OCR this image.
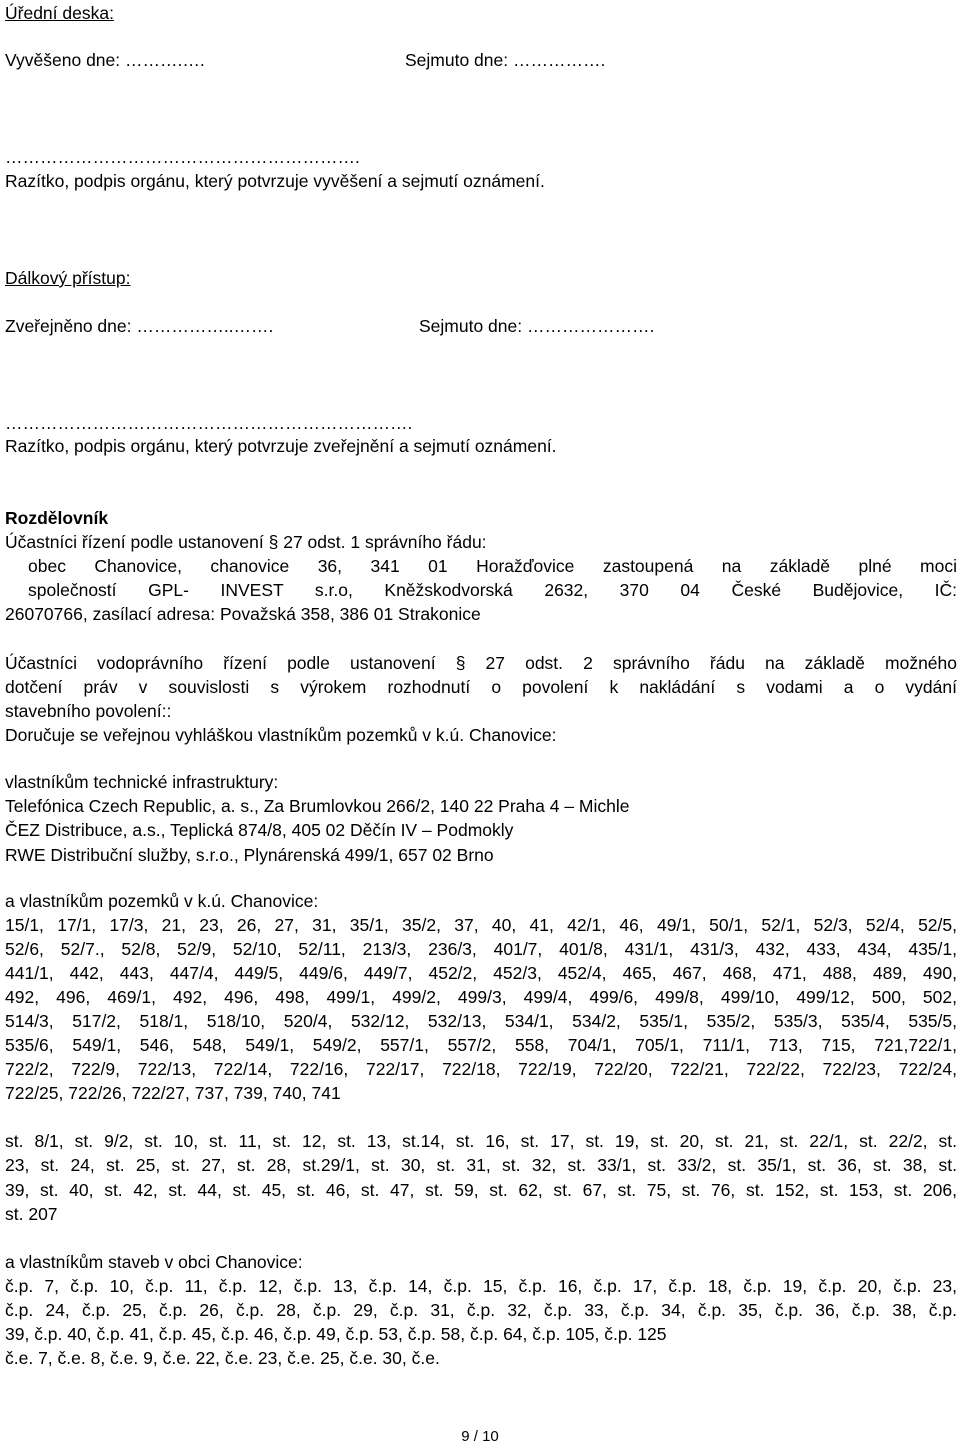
Úřední deska:
Vyvěšeno dne: ……….….	Sejmuto dne: …………….
…………………………………………………….
Razítko, podpis orgánu, který potvrzuje vyvěšení a sejmutí oznámení.
Dálkový přístup:
Zveřejněno dne: ……………..…….	Sejmuto dne: ………………….
…………………………………………………………….
Razítko, podpis orgánu, který potvrzuje zveřejnění a sejmutí oznámení.
Rozdělovník
Účastníci řízení podle ustanovení § 27 odst. 1 správního řádu:
obec Chanovice, chanovice 36, 341 01 Horažďovice zastoupená na základě plné moci
společností GPL- INVEST s.r.o, Kněžskodvorská 2632, 370 04 České Budějovice, IČ:
26070766, zasílací adresa: Považská 358, 386 01 Strakonice
Účastníci vodoprávního řízení podle ustanovení § 27 odst. 2 správního řádu na základě možného
dotčení práv v souvislosti s výrokem rozhodnutí o povolení k nakládání s vodami a o vydání
stavebního povolení::
Doručuje se veřejnou vyhláškou vlastníkům pozemků v k.ú. Chanovice:
vlastníkům technické infrastruktury:
Telefónica Czech Republic, a. s., Za Brumlovkou 266/2, 140 22 Praha 4 – Michle
ČEZ Distribuce, a.s., Teplická 874/8, 405 02 Děčín IV – Podmokly
RWE Distribuční služby, s.r.o., Plynárenská 499/1, 657 02 Brno
a vlastníkům pozemků v k.ú. Chanovice:
15/1, 17/1, 17/3, 21, 23, 26, 27, 31, 35/1, 35/2, 37, 40, 41, 42/1, 46, 49/1, 50/1, 52/1, 52/3, 52/4, 52/5,
52/6, 52/7., 52/8, 52/9, 52/10, 52/11, 213/3, 236/3, 401/7, 401/8, 431/1, 431/3, 432, 433, 434, 435/1,
441/1, 442, 443, 447/4, 449/5, 449/6, 449/7, 452/2, 452/3, 452/4, 465, 467, 468, 471, 488, 489, 490,
492, 496, 469/1, 492, 496, 498, 499/1, 499/2, 499/3, 499/4, 499/6, 499/8, 499/10, 499/12, 500, 502,
514/3, 517/2, 518/1, 518/10, 520/4, 532/12, 532/13, 534/1, 534/2, 535/1, 535/2, 535/3, 535/4, 535/5,
535/6, 549/1, 546, 548, 549/1, 549/2, 557/1, 557/2, 558, 704/1, 705/1, 711/1, 713, 715, 721,722/1,
722/2, 722/9, 722/13, 722/14, 722/16, 722/17, 722/18, 722/19, 722/20, 722/21, 722/22, 722/23, 722/24,
722/25, 722/26, 722/27, 737, 739, 740, 741
st. 8/1, st. 9/2, st. 10, st. 11, st. 12, st. 13, st.14, st. 16, st. 17, st. 19, st. 20, st. 21, st. 22/1, st. 22/2, st.
23, st. 24, st. 25, st. 27, st. 28, st.29/1, st. 30, st. 31, st. 32, st. 33/1, st. 33/2, st. 35/1, st. 36, st. 38, st.
39, st. 40, st. 42, st. 44, st. 45, st. 46, st. 47, st. 59, st. 62, st. 67, st. 75, st. 76, st. 152, st. 153, st. 206,
st. 207
a vlastníkům staveb v obci Chanovice:
č.p. 7, č.p. 10, č.p. 11, č.p. 12, č.p. 13, č.p. 14, č.p. 15, č.p. 16, č.p. 17, č.p. 18, č.p. 19, č.p. 20, č.p. 23,
č.p. 24, č.p. 25, č.p. 26, č.p. 28, č.p. 29, č.p. 31, č.p. 32, č.p. 33, č.p. 34, č.p. 35, č.p. 36, č.p. 38, č.p.
39, č.p. 40, č.p. 41, č.p. 45, č.p. 46, č.p. 49, č.p. 53, č.p. 58, č.p. 64, č.p. 105, č.p. 125
č.e. 7, č.e. 8, č.e. 9, č.e. 22, č.e. 23, č.e. 25, č.e. 30, č.e.
9 / 10
